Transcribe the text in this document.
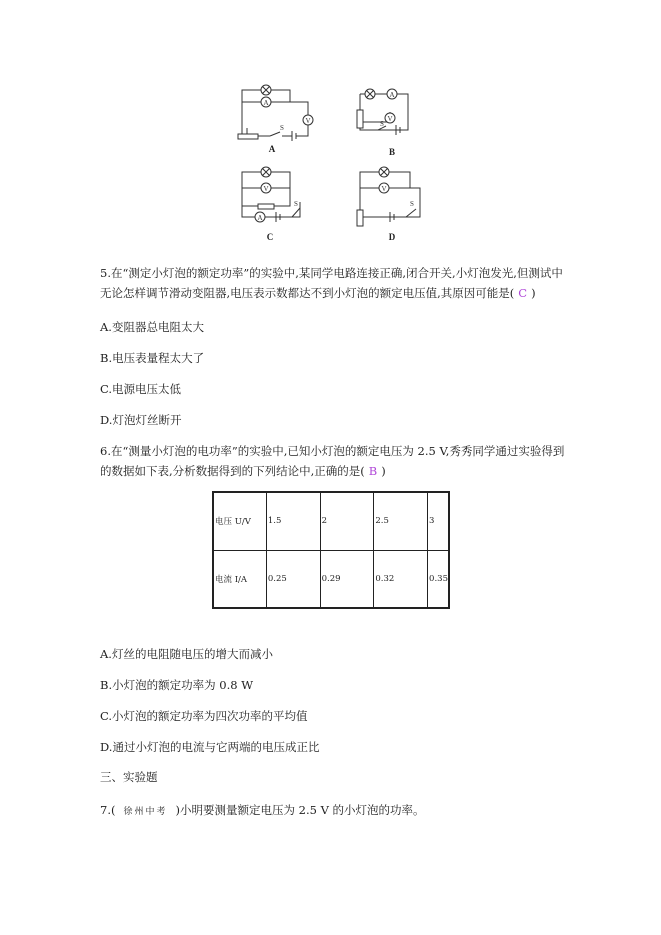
A
V
S
A
V
S
V
A
S
V
S
A	B
C	D
5.在“测定小灯泡的额定功率”的实验中,某同学电路连接正确,闭合开关,小灯泡发光,但测试中
无论怎样调节滑动变阻器,电压表示数都达不到小灯泡的额定电压值,其原因可能是( C )
A.变阻器总电阻太大
B.电压表量程太大了
C.电源电压太低
D.灯泡灯丝断开
6.在“测量小灯泡的电功率”的实验中,已知小灯泡的额定电压为 2.5 V,秀秀同学通过实验得到
的数据如下表,分析数据得到的下列结论中,正确的是( B )
电压 U/V	1.5	2	2.5	3
电流 I/A	0.25	0.29	0.32	0.35
A.灯丝的电阻随电压的增大而减小
B.小灯泡的额定功率为 0.8 W
C.小灯泡的额定功率为四次功率的平均值
D.通过小灯泡的电流与它两端的电压成正比
三、实验题
7.( 徐州中考 )小明要测量额定电压为 2.5 V 的小灯泡的功率。
